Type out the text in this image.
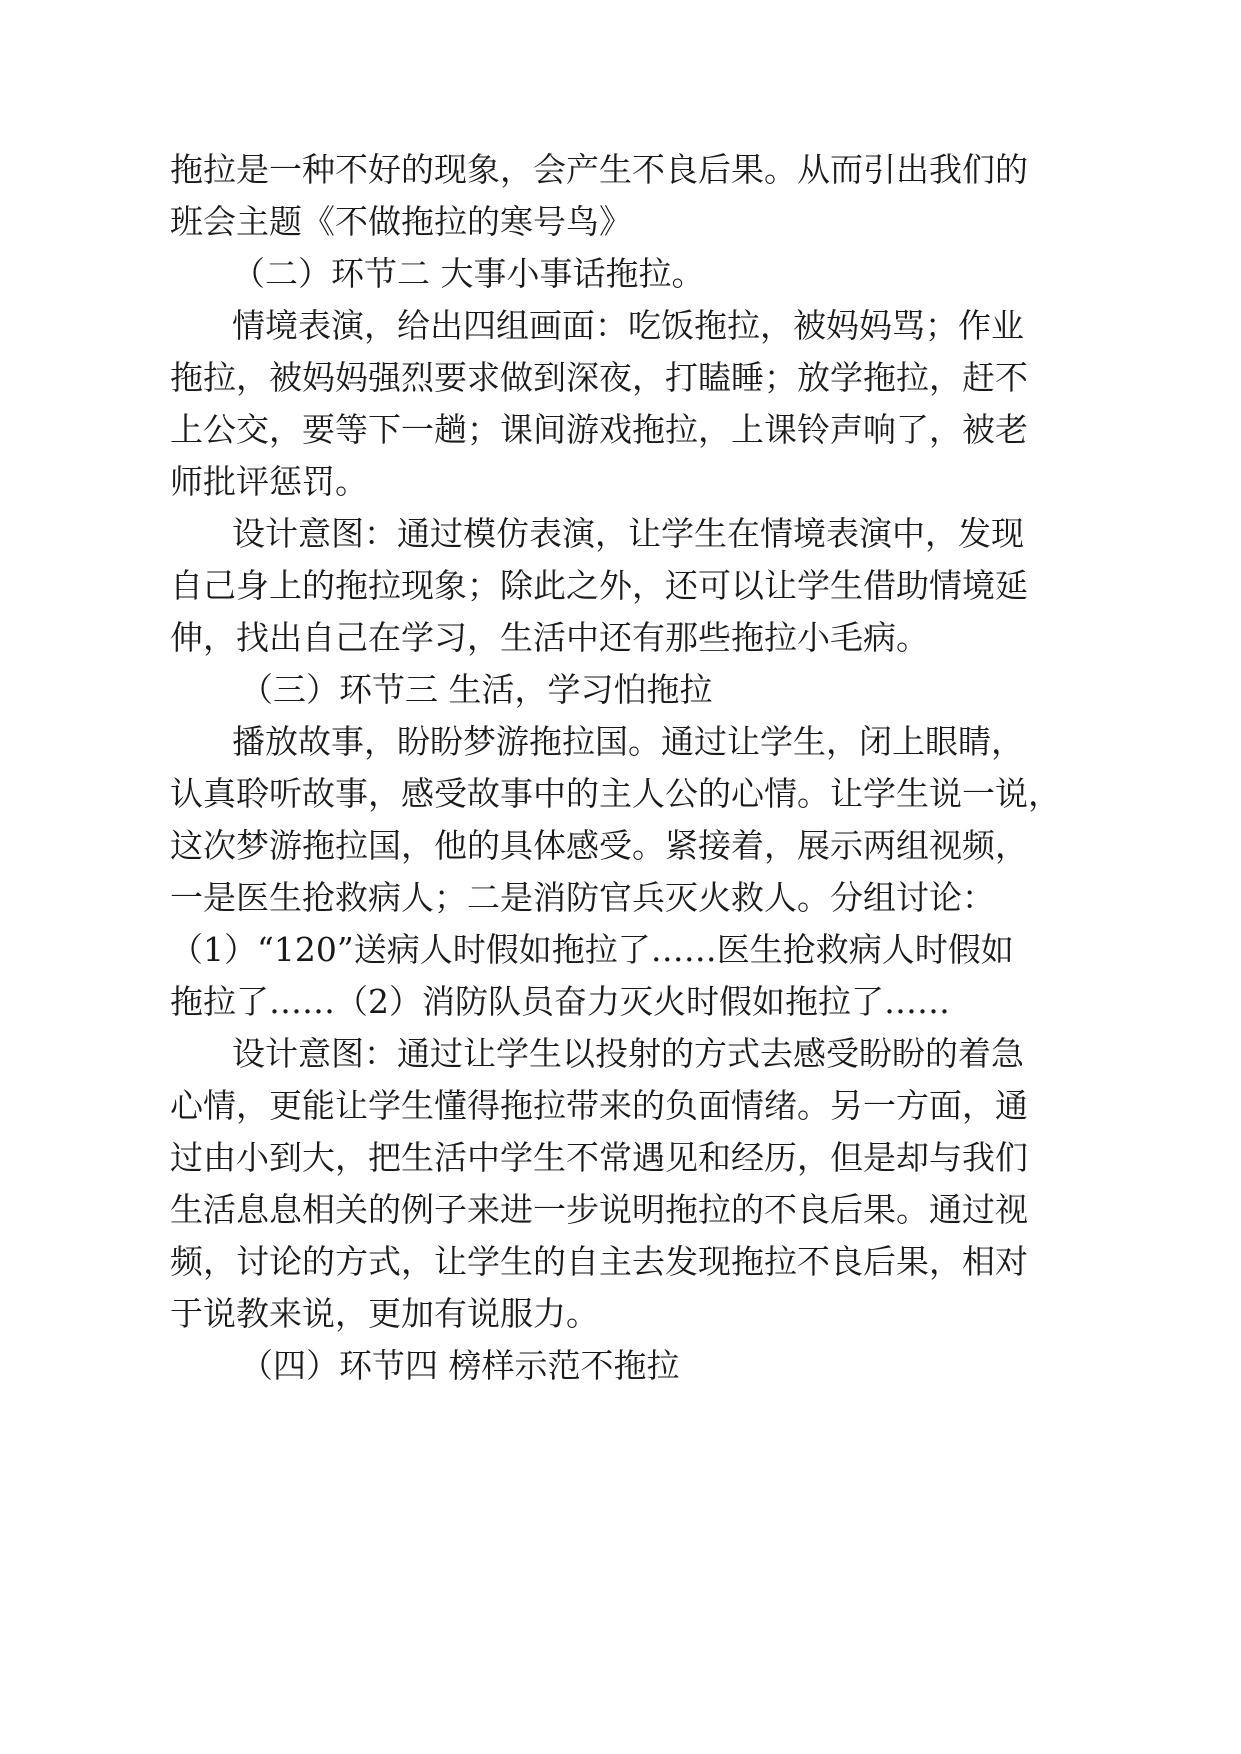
拖拉是一种不好的现象，会产生不良后果。从而引出我们的

班会主题《不做拖拉的寒号鸟》

（二）环节二 大事小事话拖拉。

情境表演，给出四组画面：吃饭拖拉，被妈妈骂；作业

拖拉，被妈妈强烈要求做到深夜，打瞌睡；放学拖拉，赶不

上公交，要等下一趟；课间游戏拖拉，上课铃声响了，被老

师批评惩罚。

设计意图：通过模仿表演，让学生在情境表演中，发现

自己身上的拖拉现象；除此之外，还可以让学生借助情境延

伸，找出自己在学习，生活中还有那些拖拉小毛病。

（三）环节三 生活，学习怕拖拉

播放故事，盼盼梦游拖拉国。通过让学生，闭上眼睛，

认真聆听故事，感受故事中的主人公的心情。让学生说一说，

这次梦游拖拉国，他的具体感受。紧接着，展示两组视频，

一是医生抢救病人；二是消防官兵灭火救人。分组讨论：

（1）“120”送病人时假如拖拉了……医生抢救病人时假如

拖拉了……（2）消防队员奋力灭火时假如拖拉了……

设计意图：通过让学生以投射的方式去感受盼盼的着急

心情，更能让学生懂得拖拉带来的负面情绪。另一方面，通

过由小到大，把生活中学生不常遇见和经历，但是却与我们

生活息息相关的例子来进一步说明拖拉的不良后果。通过视

频，讨论的方式，让学生的自主去发现拖拉不良后果，相对

于说教来说，更加有说服力。

（四）环节四 榜样示范不拖拉
